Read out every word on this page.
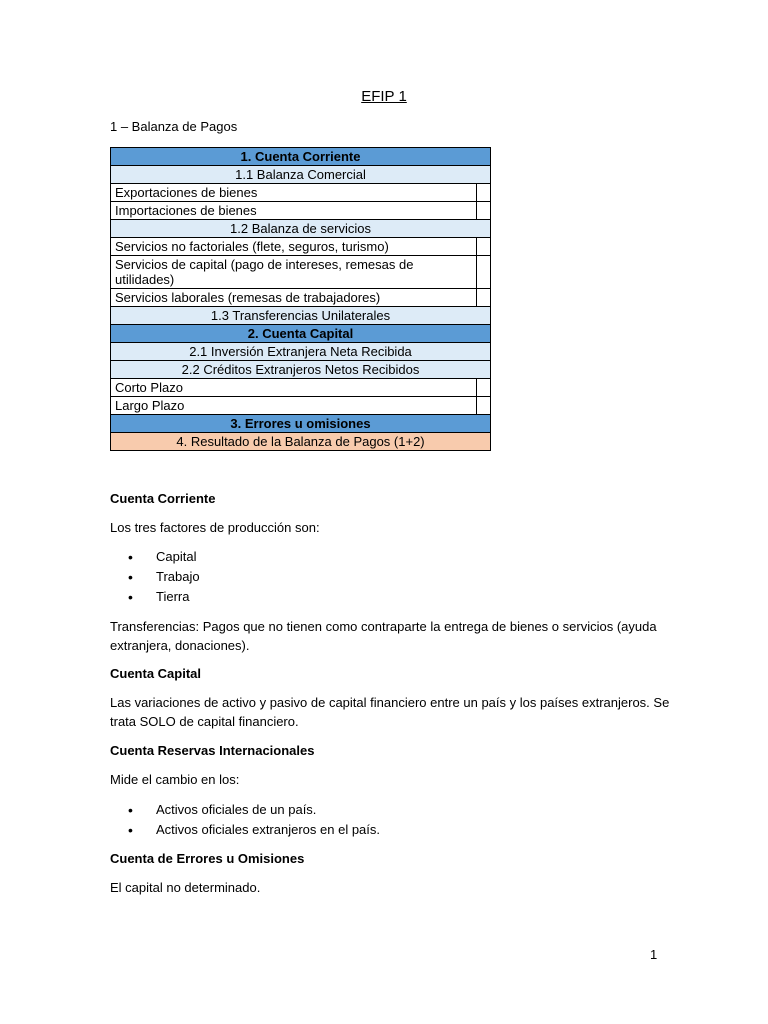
EFIP 1
1 – Balanza de Pagos
1. Cuenta Corriente	
1.1 Balanza Comercial	
Exportaciones de bienes	
Importaciones de bienes	
1.2 Balanza de servicios	
Servicios no factoriales (flete, seguros, turismo)	
Servicios de capital (pago de intereses, remesas de utilidades)	
Servicios laborales (remesas de trabajadores)	
1.3 Transferencias Unilaterales	
2. Cuenta Capital	
2.1 Inversión Extranjera Neta Recibida	
2.2 Créditos Extranjeros Netos Recibidos	
Corto Plazo	
Largo Plazo	
3. Errores u omisiones	
4. Resultado de la Balanza de Pagos (1+2)	
Cuenta Corriente
Los tres factores de producción son:
• Capital
• Trabajo
• Tierra
Transferencias: Pagos que no tienen como contraparte la entrega de bienes o servicios (ayuda extranjera, donaciones).
Cuenta Capital
Las variaciones de activo y pasivo de capital financiero entre un país y los países extranjeros. Se trata SOLO de capital financiero.
Cuenta Reservas Internacionales
Mide el cambio en los:
• Activos oficiales de un país.
• Activos oficiales extranjeros en el país.
Cuenta de Errores u Omisiones
El capital no determinado.
1
